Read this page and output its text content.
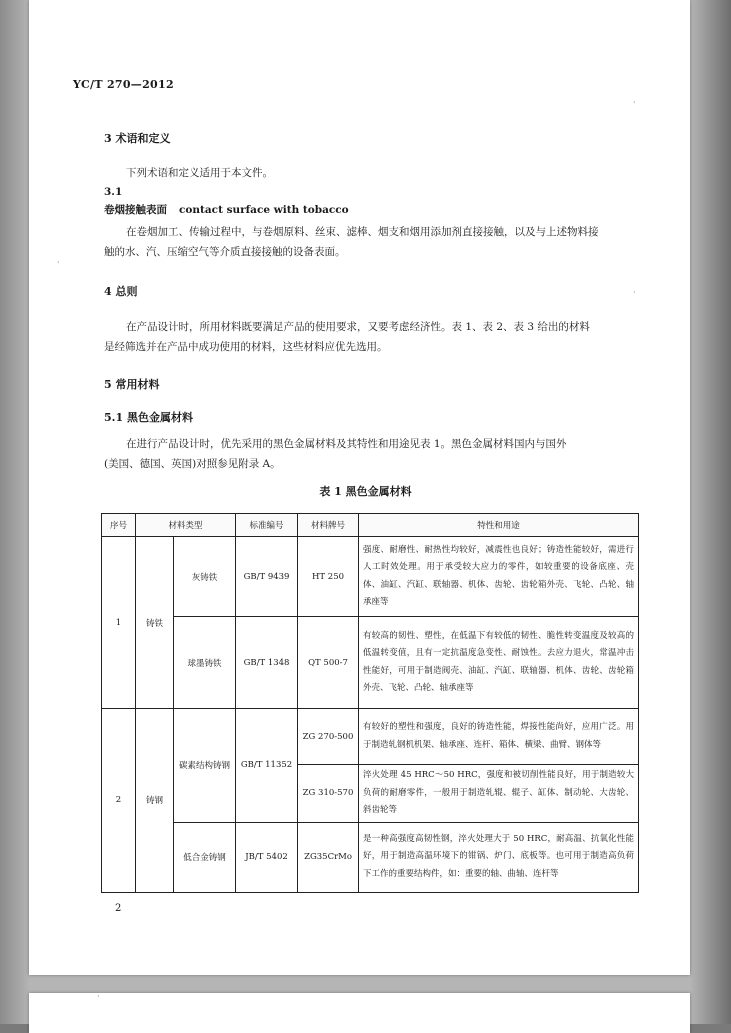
·
·
·
·
YC/T 270—2012
3 术语和定义
下列术语和定义适用于本文件。
3.1
卷烟接触表面 contact surface with tobacco
在卷烟加工、传输过程中，与卷烟原料、丝束、滤棒、烟支和烟用添加剂直接接触，以及与上述物料接
触的水、汽、压缩空气等介质直接接触的设备表面。
4 总则
在产品设计时，所用材料既要满足产品的使用要求，又要考虑经济性。表 1、表 2、表 3 给出的材料
是经筛选并在产品中成功使用的材料，这些材料应优先选用。
5 常用材料
5.1 黑色金属材料
在进行产品设计时，优先采用的黑色金属材料及其特性和用途见表 1。黑色金属材料国内与国外
(美国、德国、英国)对照参见附录 A。
表 1 黑色金属材料
序号	材料类型		标准编号	材料牌号	特性和用途
1	铸铁	灰铸铁	GB/T 9439	HT 250	强度、耐磨性、耐热性均较好，减震性也良好；铸造性能较好，需进行人工时效处理。用于承受较大应力的零件，如较重要的设备底座、壳体、油缸、汽缸、联轴器、机体、齿轮、齿轮箱外壳、飞轮、凸轮、轴承座等
		球墨铸铁	GB/T 1348	QT 500-7	有较高的韧性、塑性，在低温下有较低的韧性、脆性转变温度及较高的低温转变值，且有一定抗温度急变性、耐蚀性。去应力退火，常温冲击性能好，可用于制造阀壳、油缸、汽缸、联轴器、机体、齿轮、齿轮箱外壳、飞轮、凸轮、轴承座等
2	铸钢	碳素结构铸钢	GB/T 11352	ZG 270-500	有较好的塑性和强度，良好的铸造性能，焊接性能尚好，应用广泛。用于制造轧钢机机架、轴承座、连杆、箱体、横梁、曲臂、钢体等
				ZG 310-570	淬火处理 45 HRC～50 HRC，强度和被切削性能良好，用于制造较大负荷的耐磨零件，一般用于制造轧辊、辊子、缸体、制动轮、大齿轮、斜齿轮等
		低合金铸钢	JB/T 5402	ZG35CrMo	是一种高强度高韧性钢，淬火处理大于 50 HRC，耐高温、抗氧化性能好，用于制造高温环境下的钳锅、炉门、底板等。也可用于制造高负荷下工作的重要结构件，如：重要的轴、曲轴、连杆等
2
